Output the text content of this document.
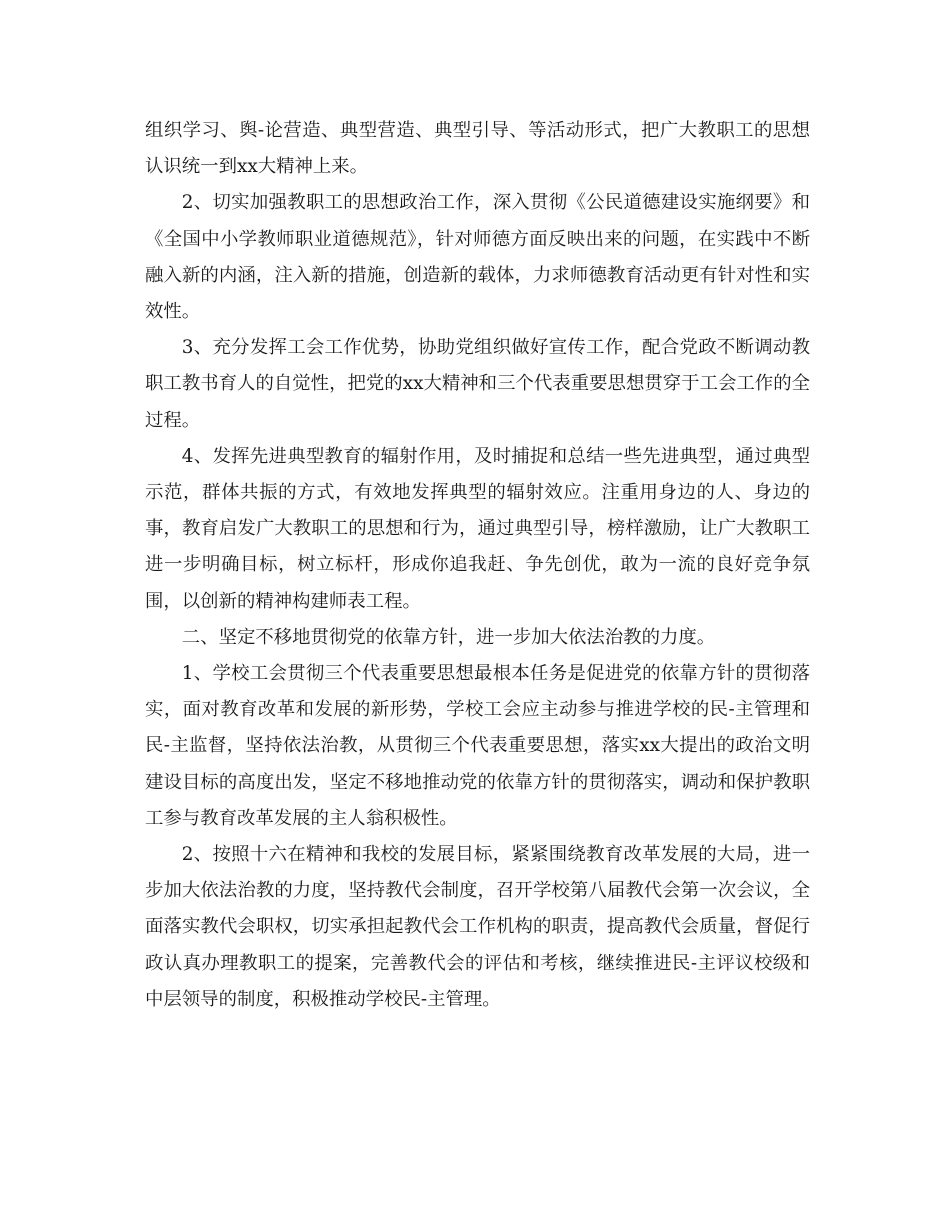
组织学习、舆-论营造、典型营造、典型引导、等活动形式，把广大教职工的思想认识统一到xx大精神上来。

2、切实加强教职工的思想政治工作，深入贯彻《公民道德建设实施纲要》和《全国中小学教师职业道德规范》，针对师德方面反映出来的问题，在实践中不断融入新的内涵，注入新的措施，创造新的载体，力求师德教育活动更有针对性和实效性。

3、充分发挥工会工作优势，协助党组织做好宣传工作，配合党政不断调动教职工教书育人的自觉性，把党的xx大精神和三个代表重要思想贯穿于工会工作的全过程。

4、发挥先进典型教育的辐射作用，及时捕捉和总结一些先进典型，通过典型示范，群体共振的方式，有效地发挥典型的辐射效应。注重用身边的人、身边的事，教育启发广大教职工的思想和行为，通过典型引导，榜样激励，让广大教职工进一步明确目标，树立标杆，形成你追我赶、争先创优，敢为一流的良好竞争氛围，以创新的精神构建师表工程。

二、坚定不移地贯彻党的依靠方针，进一步加大依法治教的力度。

1、学校工会贯彻三个代表重要思想最根本任务是促进党的依靠方针的贯彻落实，面对教育改革和发展的新形势，学校工会应主动参与推进学校的民-主管理和民-主监督，坚持依法治教，从贯彻三个代表重要思想，落实xx大提出的政治文明建设目标的高度出发，坚定不移地推动党的依靠方针的贯彻落实，调动和保护教职工参与教育改革发展的主人翁积极性。

2、按照十六在精神和我校的发展目标，紧紧围绕教育改革发展的大局，进一步加大依法治教的力度，坚持教代会制度，召开学校第八届教代会第一次会议，全面落实教代会职权，切实承担起教代会工作机构的职责，提高教代会质量，督促行政认真办理教职工的提案，完善教代会的评估和考核，继续推进民-主评议校级和中层领导的制度，积极推动学校民-主管理。
